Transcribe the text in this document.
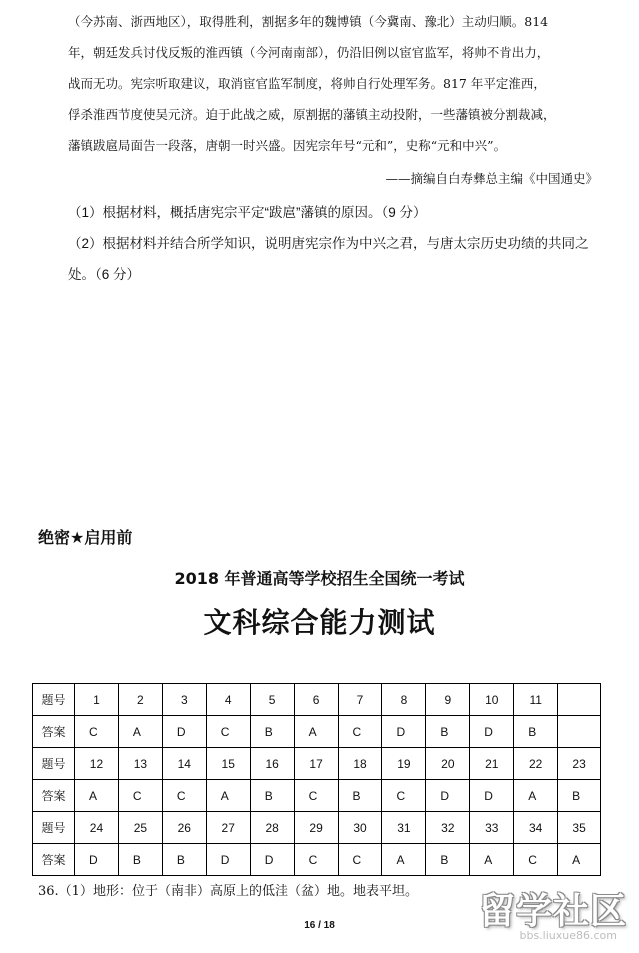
（今苏南、浙西地区），取得胜利，割据多年的魏博镇（今冀南、豫北）主动归顺。814

年，朝廷发兵讨伐反叛的淮西镇（今河南南部），仍沿旧例以宦官监军，将帅不肯出力，

战而无功。宪宗听取建议，取消宦官监军制度，将帅自行处理军务。817 年平定淮西，

俘杀淮西节度使吴元济。迫于此战之威，原割据的藩镇主动投附，一些藩镇被分割裁减，

藩镇跋扈局面告一段落，唐朝一时兴盛。因宪宗年号“元和”，史称“元和中兴”。

——摘编自白寿彝总主编《中国通史》
（1）根据材料，概括唐宪宗平定“跋扈”藩镇的原因。（9 分）
（2）根据材料并结合所学知识，说明唐宪宗作为中兴之君，与唐太宗历史功绩的共同之
处。（6 分）
绝密★启用前
2018 年普通高等学校招生全国统一考试
文科综合能力测试
题号	1	2	3	4	5	6	7	8	9	10	11	
答案	C	A	D	C	B	A	C	D	B	D	B	
题号	12	13	14	15	16	17	18	19	20	21	22	23
答案	A	C	C	A	B	C	B	C	D	D	A	B
题号	24	25	26	27	28	29	30	31	32	33	34	35
答案	D	B	B	D	D	C	C	A	B	A	C	A
36.（1）地形：位于（南非）高原上的低洼（盆）地。地表平坦。
16 / 18	留学社区
bbs.liuxue86.com
